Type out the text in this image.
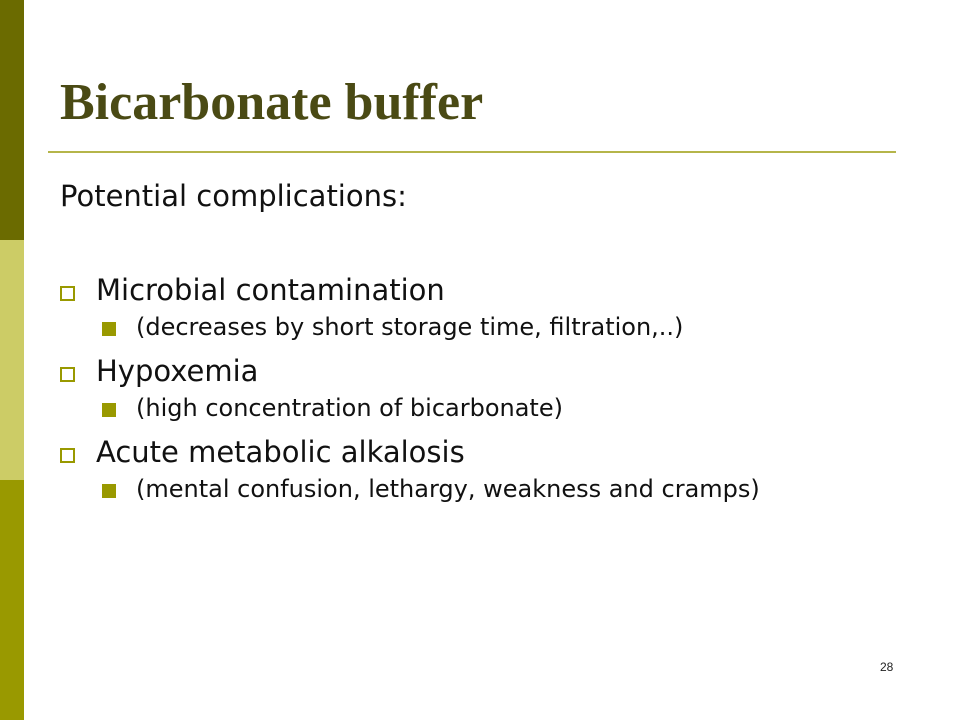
Bicarbonate buffer

Potential complications:

Microbial contamination
(decreases by short storage time, filtration,..)
Hypoxemia
(high concentration of bicarbonate)
Acute metabolic alkalosis
(mental confusion, lethargy, weakness and cramps)
28
